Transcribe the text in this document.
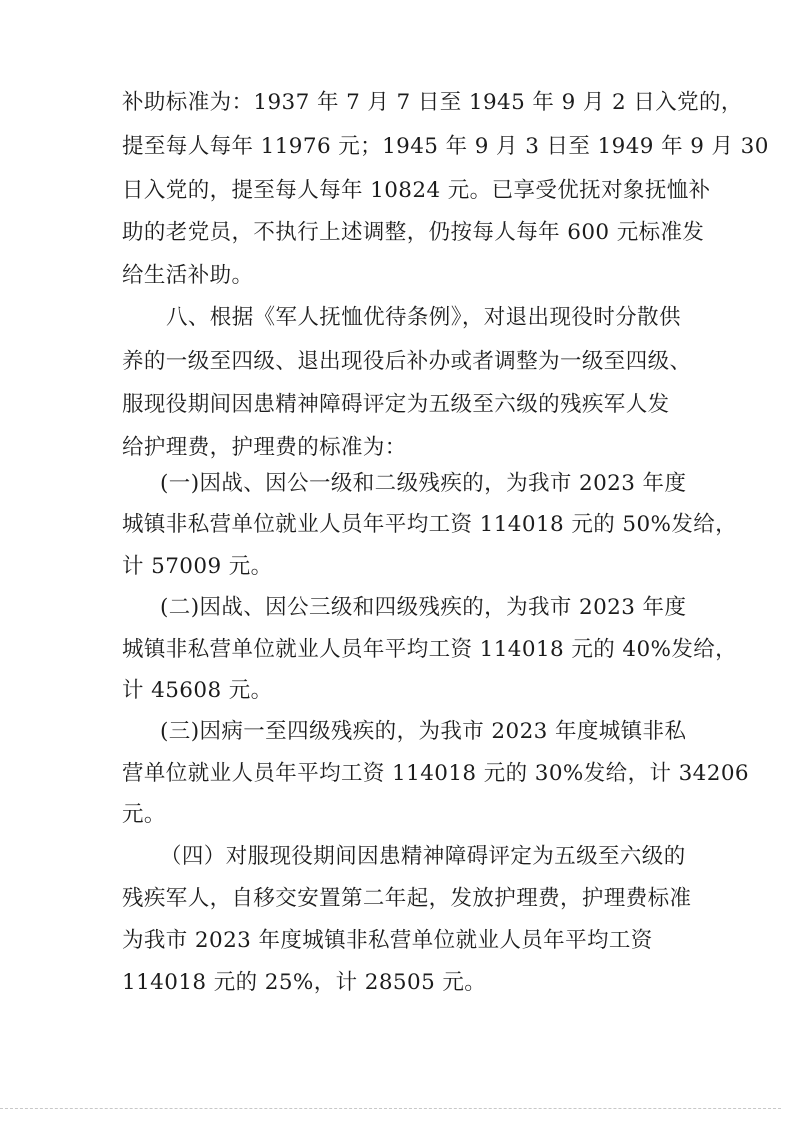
补助标准为：1937 年 7 月 7 日至 1945 年 9 月 2 日入党的，
提至每人每年 11976 元；1945 年 9 月 3 日至 1949 年 9 月 30
日入党的，提至每人每年 10824 元。已享受优抚对象抚恤补
助的老党员，不执行上述调整，仍按每人每年 600 元标准发
给生活补助。
八、根据《军人抚恤优待条例》，对退出现役时分散供
养的一级至四级、退出现役后补办或者调整为一级至四级、
服现役期间因患精神障碍评定为五级至六级的残疾军人发
给护理费，护理费的标准为：
(一)因战、因公一级和二级残疾的，为我市 2023 年度
城镇非私营单位就业人员年平均工资 114018 元的 50%发给，
计 57009 元。
(二)因战、因公三级和四级残疾的，为我市 2023 年度
城镇非私营单位就业人员年平均工资 114018 元的 40%发给，
计 45608 元。
(三)因病一至四级残疾的，为我市 2023 年度城镇非私
营单位就业人员年平均工资 114018 元的 30%发给，计 34206
元。
（四）对服现役期间因患精神障碍评定为五级至六级的
残疾军人，自移交安置第二年起，发放护理费，护理费标准
为我市 2023 年度城镇非私营单位就业人员年平均工资
114018 元的 25%，计 28505 元。
